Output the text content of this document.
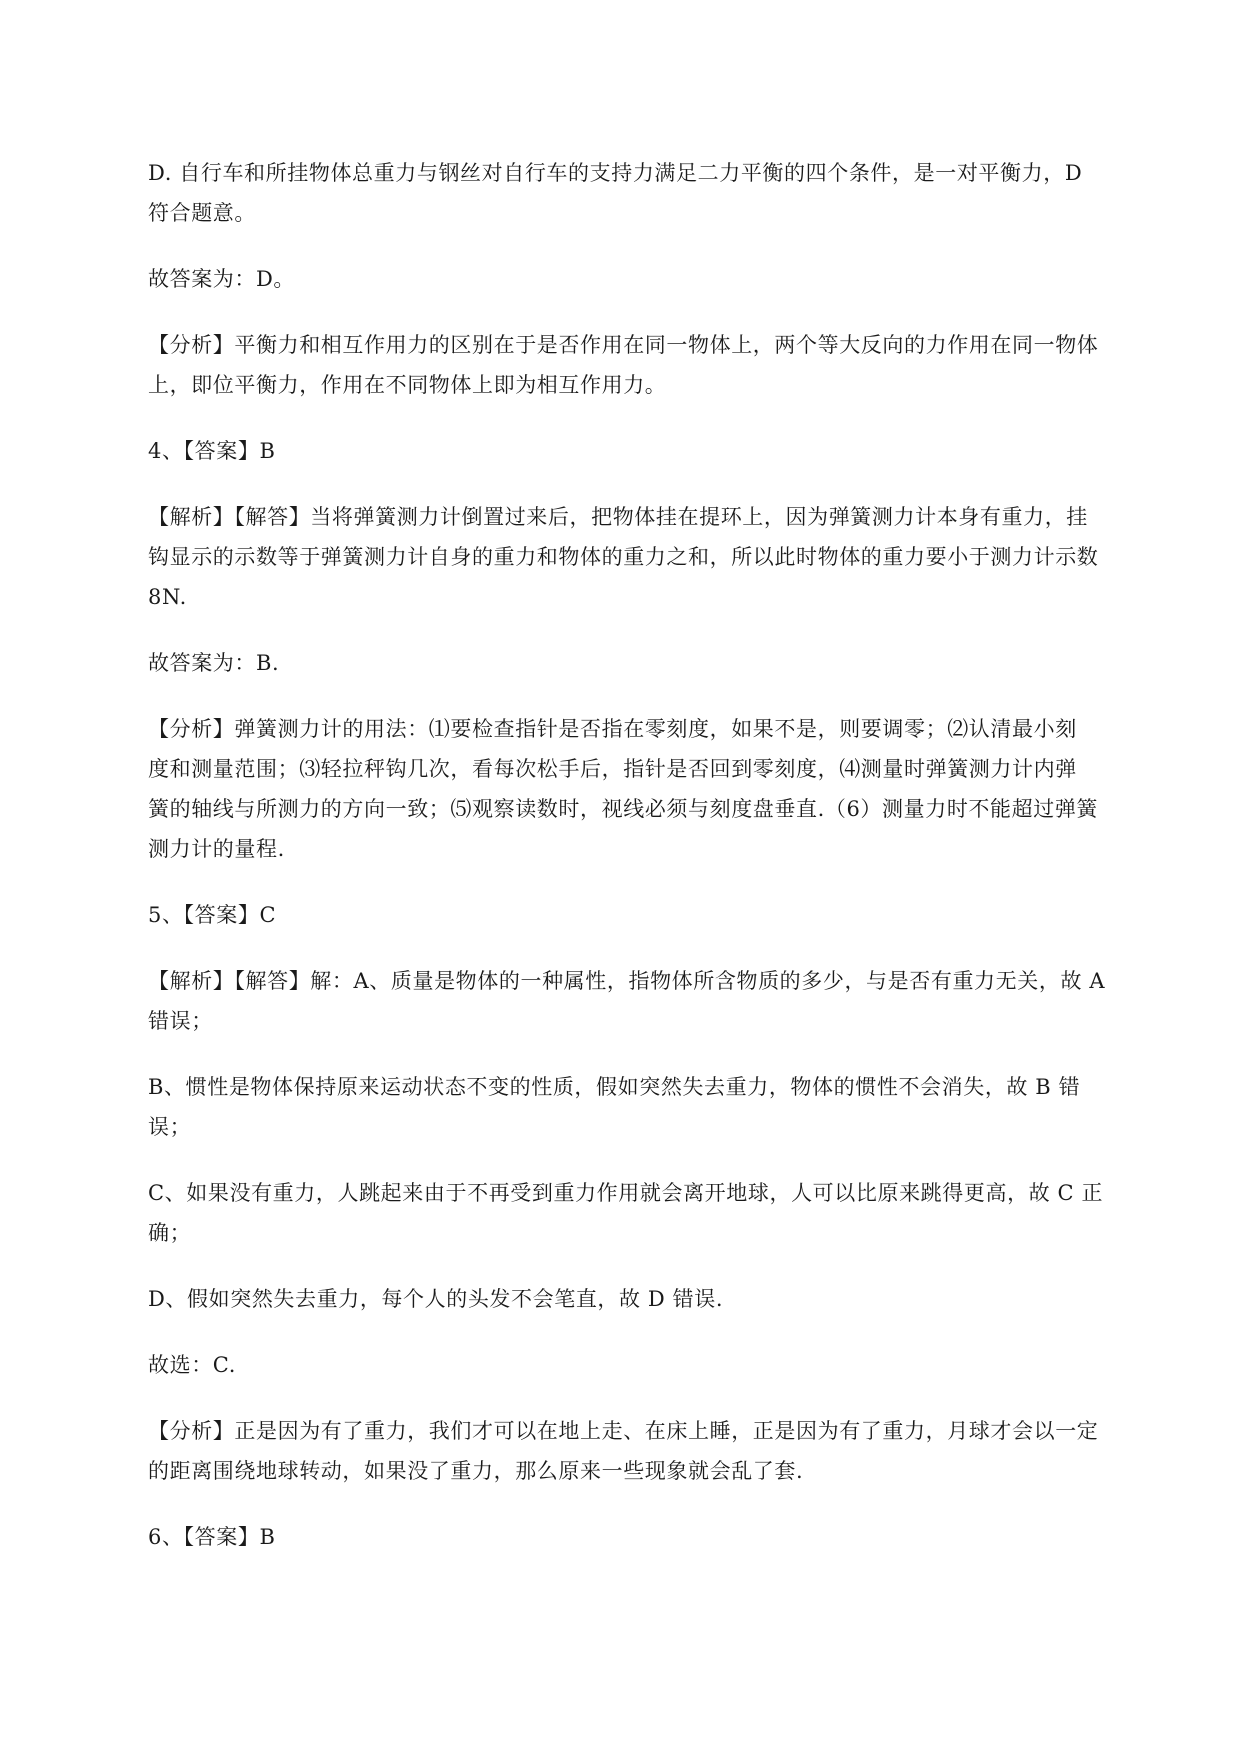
D. 自行车和所挂物体总重力与钢丝对自行车的支持力满足二力平衡的四个条件，是一对平衡力，D
符合题意。

故答案为：D。

【分析】平衡力和相互作用力的区别在于是否作用在同一物体上，两个等大反向的力作用在同一物体
上，即位平衡力，作用在不同物体上即为相互作用力。

4、【答案】B

【解析】【解答】当将弹簧测力计倒置过来后，把物体挂在提环上，因为弹簧测力计本身有重力，挂
钩显示的示数等于弹簧测力计自身的重力和物体的重力之和，所以此时物体的重力要小于测力计示数
8N.

故答案为：B.

【分析】弹簧测力计的用法：⑴要检查指针是否指在零刻度，如果不是，则要调零；⑵认清最小刻
度和测量范围；⑶轻拉秤钩几次，看每次松手后，指针是否回到零刻度，⑷测量时弹簧测力计内弹
簧的轴线与所测力的方向一致；⑸观察读数时，视线必须与刻度盘垂直.（6）测量力时不能超过弹簧
测力计的量程.

5、【答案】C

【解析】【解答】解：A、质量是物体的一种属性，指物体所含物质的多少，与是否有重力无关，故 A
错误；

B、惯性是物体保持原来运动状态不变的性质，假如突然失去重力，物体的惯性不会消失，故 B 错
误；

C、如果没有重力，人跳起来由于不再受到重力作用就会离开地球，人可以比原来跳得更高，故 C 正
确；

D、假如突然失去重力，每个人的头发不会笔直，故 D 错误.

故选：C.

【分析】正是因为有了重力，我们才可以在地上走、在床上睡，正是因为有了重力，月球才会以一定
的距离围绕地球转动，如果没了重力，那么原来一些现象就会乱了套.

6、【答案】B
